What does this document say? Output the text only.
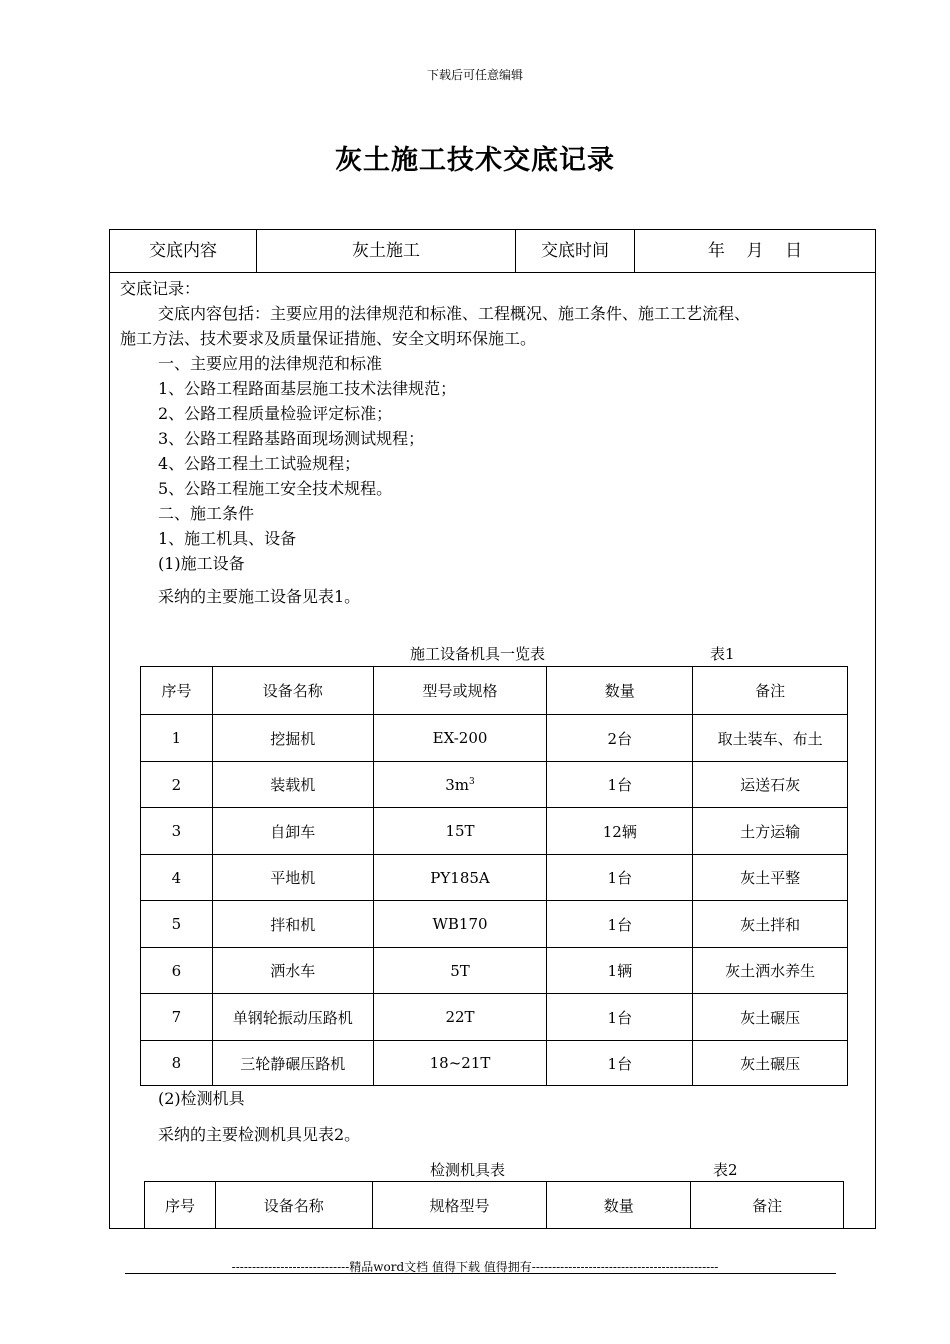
下载后可任意编辑
灰土施工技术交底记录
交底内容	灰土施工	交底时间	年    月    日
交底记录：
交底内容包括：主要应用的法律规范和标准、工程概况、施工条件、施工工艺流程、
施工方法、技术要求及质量保证措施、安全文明环保施工。
一、主要应用的法律规范和标准
1、公路工程路面基层施工技术法律规范；
2、公路工程质量检验评定标准；
3、公路工程路基路面现场测试规程；
4、公路工程土工试验规程；
5、公路工程施工安全技术规程。
二、施工条件
1、施工机具、设备
(1)施工设备
采纳的主要施工设备见表1。
施工设备机具一览表	表1
序号	设备名称	型号或规格	数量	备注
1	挖掘机	EX-200	2台	取土装车、布土
2	装载机	$3m^3$	1台	运送石灰
3	自卸车	15T	12辆	土方运输
4	平地机	PY185A	1台	灰土平整
5	拌和机	WB170	1台	灰土拌和
6	洒水车	5T	1辆	灰土洒水养生
7	单钢轮振动压路机	22T	1台	灰土碾压
8	三轮静碾压路机	18~21T	1台	灰土碾压
(2)检测机具
采纳的主要检测机具见表2。
检测机具表	表2
序号	设备名称	规格型号	数量	备注
-----------------------------精品word文档 值得下载 值得拥有----------------------------------------------
